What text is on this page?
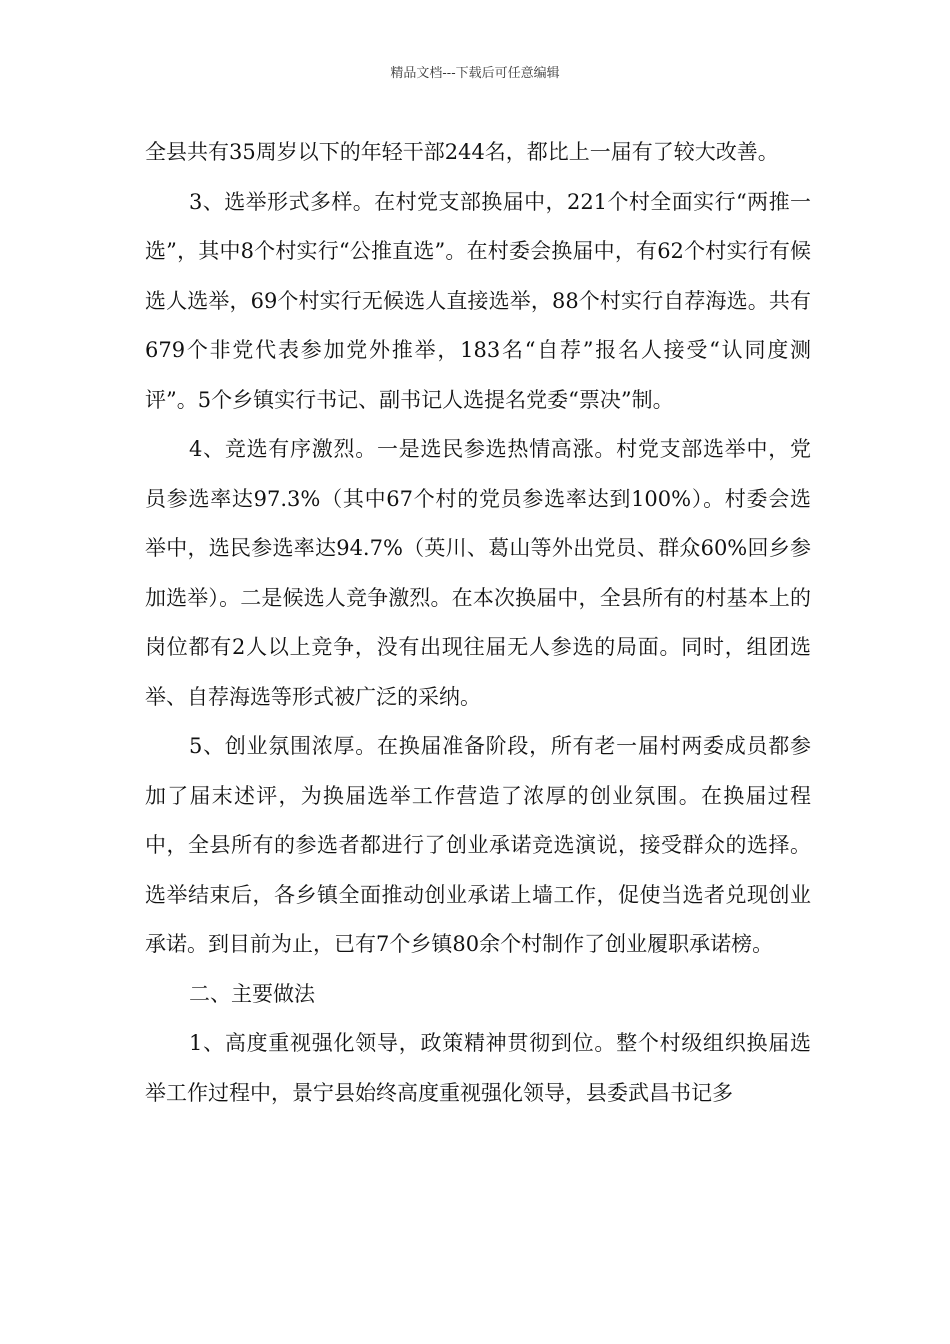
精品文档---下载后可任意编辑

全县共有35周岁以下的年轻干部244名，都比上一届有了较大改善。

3、选举形式多样。在村党支部换届中，221个村全面实行“两推一选”，其中8个村实行“公推直选”。在村委会换届中，有62个村实行有候选人选举，69个村实行无候选人直接选举，88个村实行自荐海选。共有679个非党代表参加党外推举，183名“自荐”报名人接受“认同度测评”。5个乡镇实行书记、副书记人选提名党委“票决”制。

4、竞选有序激烈。一是选民参选热情高涨。村党支部选举中，党员参选率达97.3%（其中67个村的党员参选率达到100%）。村委会选举中，选民参选率达94.7%（英川、葛山等外出党员、群众60%回乡参加选举）。二是候选人竞争激烈。在本次换届中，全县所有的村基本上的岗位都有2人以上竞争，没有出现往届无人参选的局面。同时，组团选举、自荐海选等形式被广泛的采纳。

5、创业氛围浓厚。在换届准备阶段，所有老一届村两委成员都参加了届末述评，为换届选举工作营造了浓厚的创业氛围。在换届过程中，全县所有的参选者都进行了创业承诺竞选演说，接受群众的选择。选举结束后，各乡镇全面推动创业承诺上墙工作，促使当选者兑现创业承诺。到目前为止，已有7个乡镇80余个村制作了创业履职承诺榜。

二、主要做法

1、高度重视强化领导，政策精神贯彻到位。整个村级组织换届选举工作过程中，景宁县始终高度重视强化领导，县委武昌书记多
